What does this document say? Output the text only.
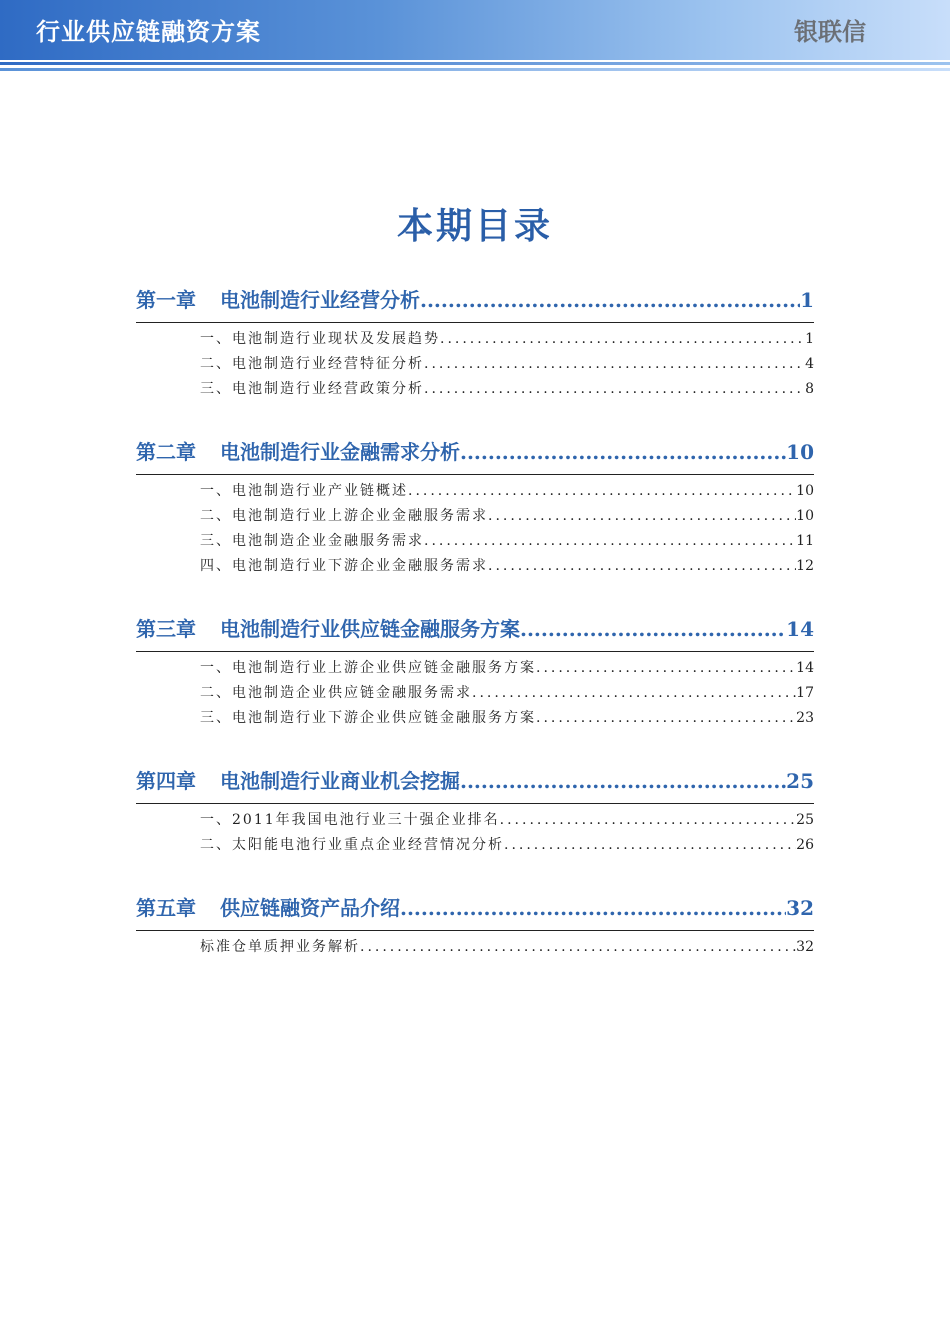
行业供应链融资方案	银联信
本期目录
第一章 电池制造行业经营分析 .....	1
一、电池制造行业现状及发展趋势 .....	1
二、电池制造行业经营特征分析 .....	4
三、电池制造行业经营政策分析 .....	8
第二章 电池制造行业金融需求分析 .....	10
一、电池制造行业产业链概述 .....	10
二、电池制造行业上游企业金融服务需求 .....	10
三、电池制造企业金融服务需求 .....	11
四、电池制造行业下游企业金融服务需求 .....	12
第三章 电池制造行业供应链金融服务方案 .....	14
一、电池制造行业上游企业供应链金融服务方案 .....	14
二、电池制造企业供应链金融服务需求 .....	17
三、电池制造行业下游企业供应链金融服务方案 .....	23
第四章 电池制造行业商业机会挖掘 .....	25
一、2011年我国电池行业三十强企业排名 .....	25
二、太阳能电池行业重点企业经营情况分析 .....	26
第五章 供应链融资产品介绍 .....	32
标准仓单质押业务解析 .....	32
